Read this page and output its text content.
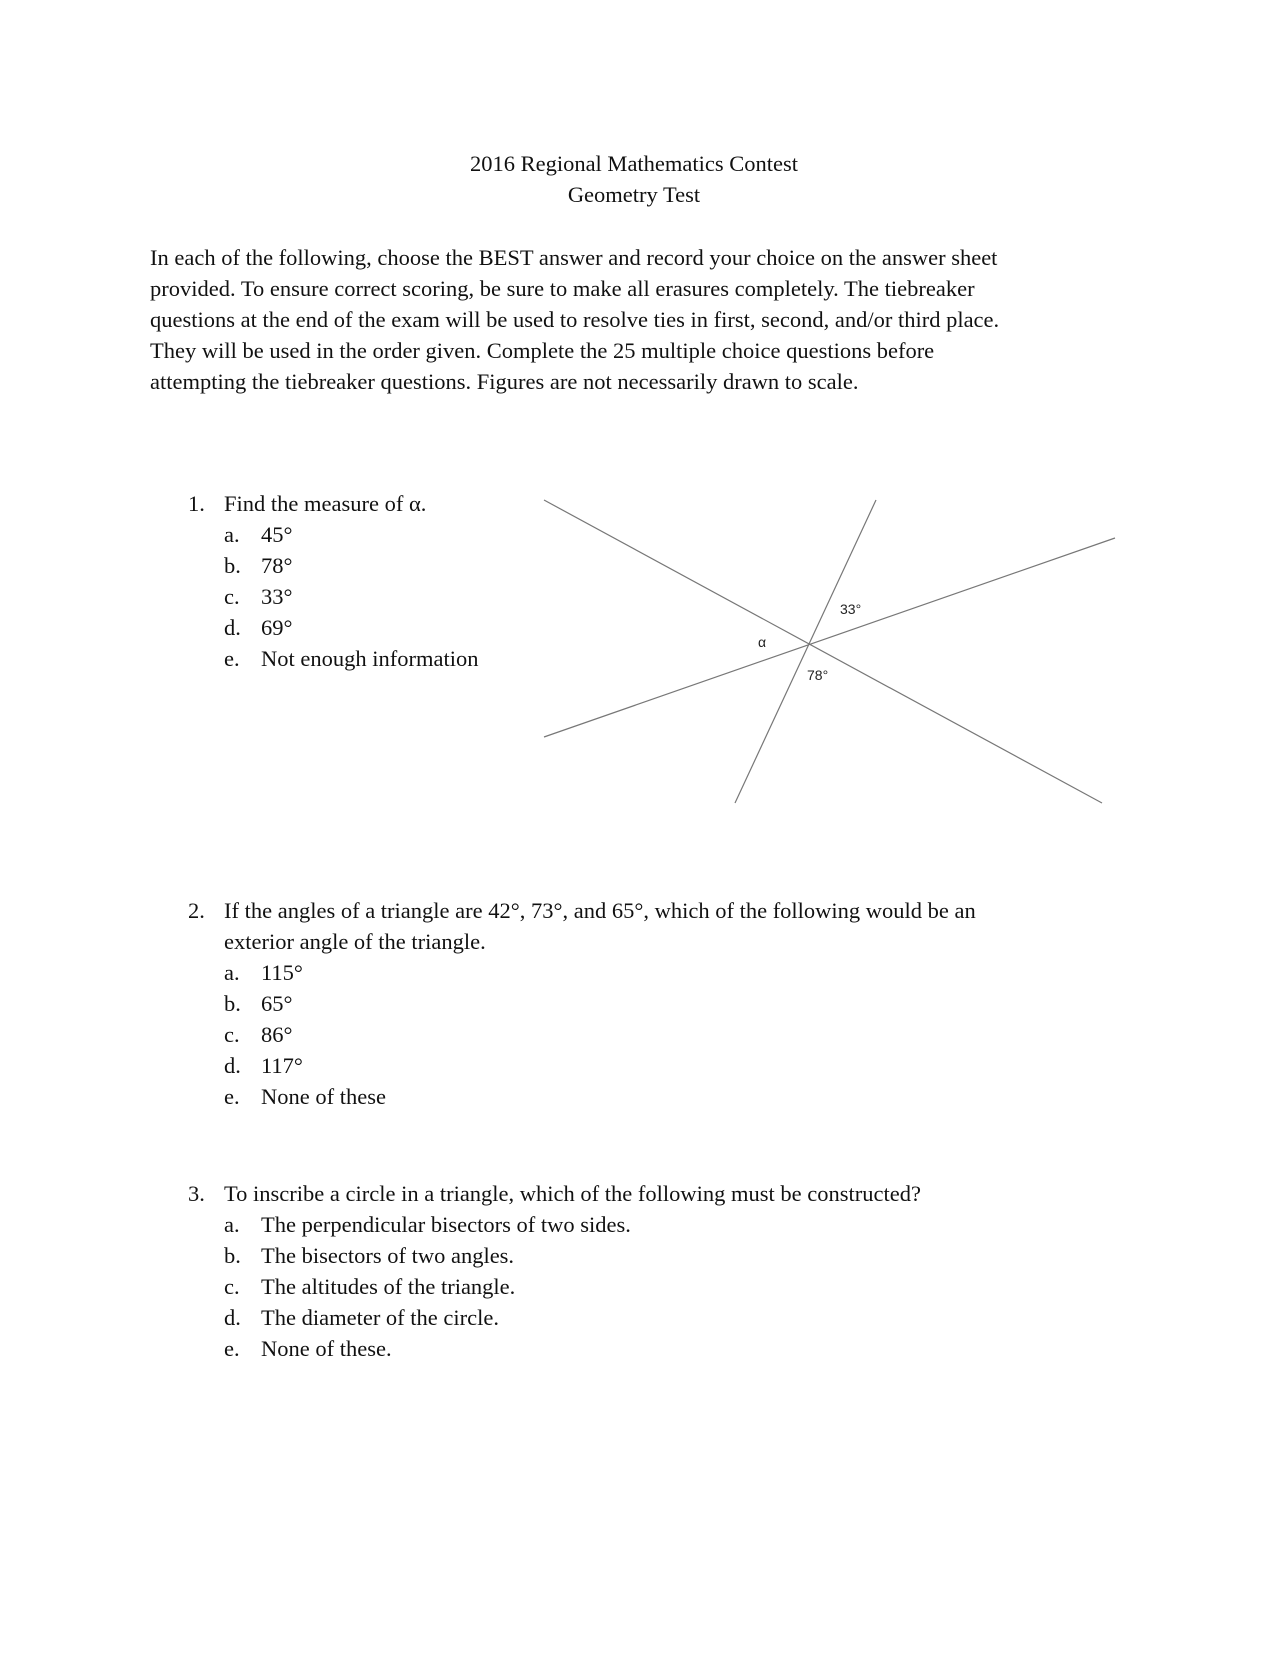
2016 Regional Mathematics Contest
Geometry Test
In each of the following, choose the BEST answer and record your choice on the answer sheet
provided. To ensure correct scoring, be sure to make all erasures completely. The tiebreaker
questions at the end of the exam will be used to resolve ties in first, second, and/or third place.
They will be used in the order given. Complete the 25 multiple choice questions before
attempting the tiebreaker questions. Figures are not necessarily drawn to scale.
1. Find the measure of α.
a. 45°
b. 78°
c. 33°
d. 69°
e. Not enough information
33°
α
78°
2. If the angles of a triangle are 42°, 73°, and 65°, which of the following would be an
exterior angle of the triangle.
a. 115°
b. 65°
c. 86°
d. 117°
e. None of these
3. To inscribe a circle in a triangle, which of the following must be constructed?
a. The perpendicular bisectors of two sides.
b. The bisectors of two angles.
c. The altitudes of the triangle.
d. The diameter of the circle.
e. None of these.
